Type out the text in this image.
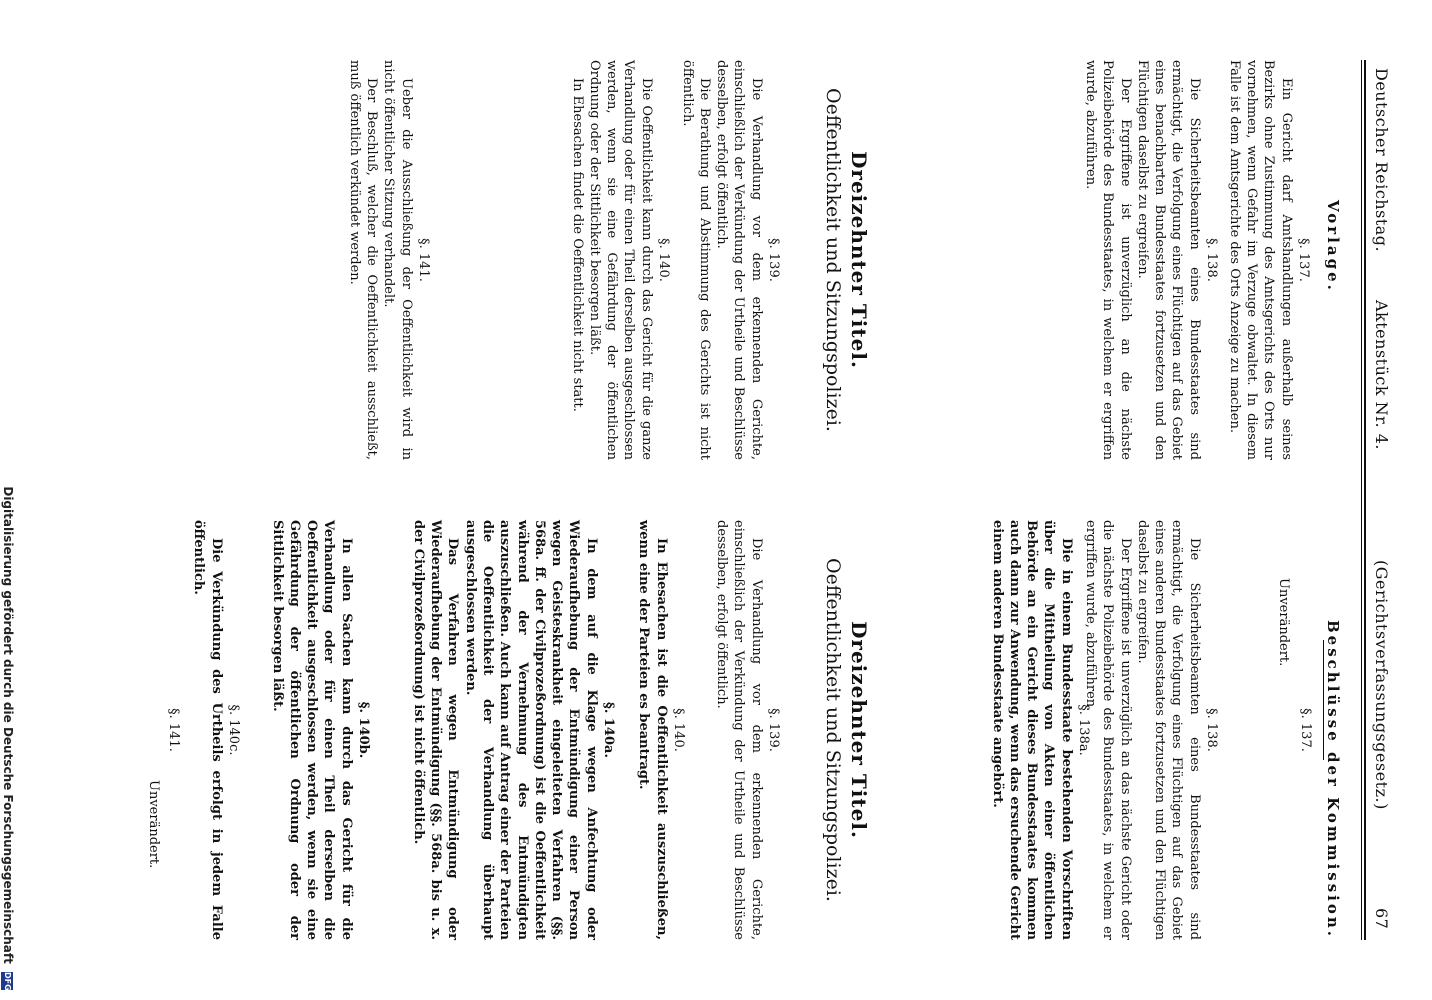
Deutscher Reichstag.
Aktenstück Nr. 4.
(Gerichtsverfassungsgesetz.)
67
Vorlage.

§. 137.

Ein Gericht darf Amtshandlungen außerhalb seines Bezirks ohne Zustimmung des Amtsgerichts des Orts nur vornehmen, wenn Gefahr im Verzuge obwaltet. In diesem Falle ist dem Amtsgerichte des Orts Anzeige zu machen.

§. 138.

Die Sicherheitsbeamten eines Bundesstaates sind ermächtigt, die Verfolgung eines Flüchtigen auf das Gebiet eines benachbarten Bundesstaates fortzusetzen und den Flüchtigen daselbst zu ergreifen.

Der Ergriffene ist unverzüglich an die nächste Polizeibehörde des Bundesstaates, in welchem er ergriffen wurde, abzuführen.

Dreizehnter Titel.

Oeffentlichkeit und Sitzungspolizei.

§. 139.

Die Verhandlung vor dem erkennenden Gerichte, einschließlich der Verkündung der Urtheile und Beschlüsse desselben, erfolgt öffentlich.

Die Berathung und Abstimmung des Gerichts ist nicht öffentlich.

§. 140.

Die Oeffentlichkeit kann durch das Gericht für die ganze Verhandlung oder für einen Theil derselben ausgeschlossen werden, wenn sie eine Gefährdung der öffentlichen Ordnung oder der Sittlichkeit besorgen läßt.

In Ehesachen findet die Oeffentlichkeit nicht statt.

§. 141.

Ueber die Ausschließung der Oeffentlichkeit wird in nicht öffentlicher Sitzung verhandelt.

Der Beschluß, welcher die Oeffentlichkeit ausschließt, muß öffentlich verkündet werden.

Beschlüsse der Kommission.

§. 137.

Unverändert.

§. 138.

Die Sicherheitsbeamten eines Bundesstaates sind ermächtigt, die Verfolgung eines Flüchtigen auf das Gebiet eines anderen Bundesstaates fortzusetzen und den Flüchtigen daselbst zu ergreifen.

Der Ergriffene ist unverzüglich an das nächste Gericht oder die nächste Polizeibehörde des Bundesstaates, in welchem er ergriffen wurde, abzuführen.

§. 138a.

Die in einem Bundesstaate bestehenden Vorschriften über die Mittheilung von Akten einer öffentlichen Behörde an ein Gericht dieses Bundesstaates kommen auch dann zur Anwendung, wenn das ersuchende Gericht einem anderen Bundesstaate angehört.

Dreizehnter Titel.

Oeffentlichkeit und Sitzungspolizei.

§. 139.

Die Verhandlung vor dem erkennenden Gerichte, einschließlich der Verkündung der Urtheile und Beschlüsse desselben, erfolgt öffentlich.

§. 140.

In Ehesachen ist die Oeffentlichkeit auszuschließen, wenn eine der Parteien es beantragt.

§. 140a.

In dem auf die Klage wegen Anfechtung oder Wiederaufhebung der Entmündigung einer Person wegen Geisteskrankheit eingeleiteten Verfahren (§§. 568a. ff. der Civilprozeßordnung) ist die Oeffentlichkeit während der Vernehmung des Entmündigten auszuschließen. Auch kann auf Antrag einer der Parteien die Oeffentlichkeit der Verhandlung überhaupt ausgeschlossen werden.

Das Verfahren wegen Entmündigung oder Wiederaufhebung der Entmündigung (§§. 568a. bis u. x. der Civilprozeßordnung) ist nicht öffentlich.

§. 140b.

In allen Sachen kann durch das Gericht für die Verhandlung oder für einen Theil derselben die Oeffentlichkeit ausgeschlossen werden, wenn sie eine Gefährdung der öffentlichen Ordnung oder der Sittlichkeit besorgen läßt.

§. 140c.

Die Verkündung des Urtheils erfolgt in jedem Falle öffentlich.

§. 141.

Unverändert.
Digitalisierung gefördert durch die Deutsche Forschungsgemeinschaft DFG
